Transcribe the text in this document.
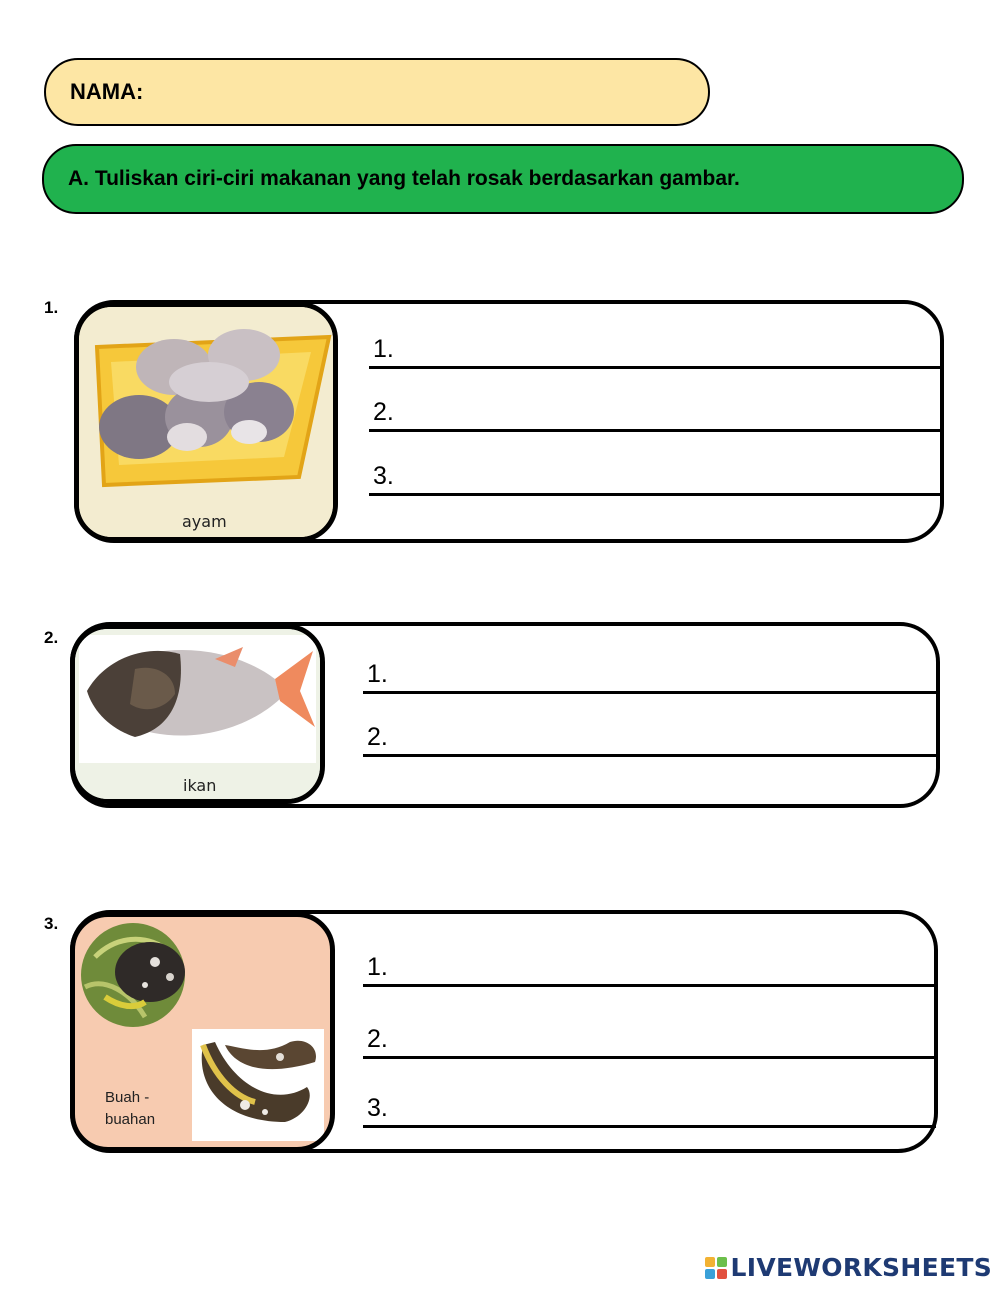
NAMA:
A. Tuliskan ciri-ciri makanan yang telah rosak berdasarkan gambar.
1.
ayam
1.
2.
3.
2.
ikan
1.
2.
3.
Buah -
buahan
1.
2.
3.
LIVEWORKSHEETS
